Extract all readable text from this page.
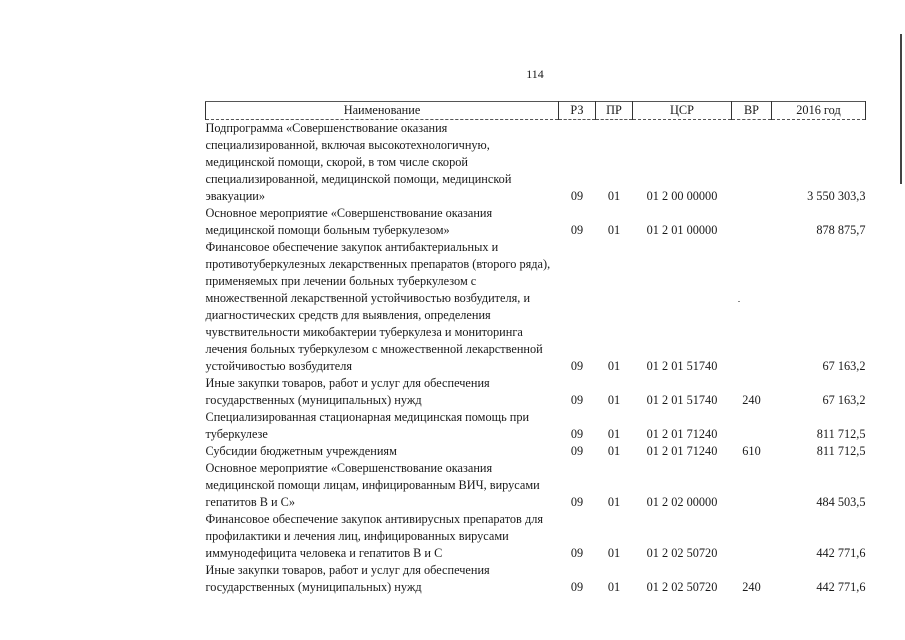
114
Наименование	РЗ	ПР	ЦСР	ВР	2016 год
Подпрограмма «Совершенствование оказания специализированной, включая высокотехнологичную, медицинской помощи, скорой, в том числе скорой специализированной, медицинской помощи, медицинской эвакуации»	09	01	01 2 00 00000		3 550 303,3
Основное мероприятие «Совершенствование оказания медицинской помощи больным туберкулезом»	09	01	01 2 01 00000		878 875,7
Финансовое обеспечение закупок антибактериальных и противотуберкулезных лекарственных препаратов (второго ряда), применяемых при лечении больных туберкулезом с множественной лекарственной устойчивостью возбудителя, и диагностических средств для выявления, определения чувствительности микобактерии туберкулеза и мониторинга лечения больных туберкулезом с множественной лекарственной устойчивостью возбудителя	09	01	01 2 01 51740		67 163,2
Иные закупки товаров, работ и услуг для обеспечения государственных (муниципальных) нужд	09	01	01 2 01 51740	240	67 163,2
Специализированная стационарная медицинская помощь при туберкулезе	09	01	01 2 01 71240		811 712,5
Субсидии бюджетным учреждениям	09	01	01 2 01 71240	610	811 712,5
Основное мероприятие «Совершенствование оказания медицинской помощи лицам, инфицированным ВИЧ, вирусами гепатитов В и С»	09	01	01 2 02 00000		484 503,5
Финансовое обеспечение закупок антивирусных препаратов для профилактики и лечения лиц, инфицированных вирусами иммунодефицита человека и гепатитов В и С	09	01	01 2 02 50720		442 771,6
Иные закупки товаров, работ и услуг для обеспечения государственных (муниципальных) нужд	09	01	01 2 02 50720	240	442 771,6
